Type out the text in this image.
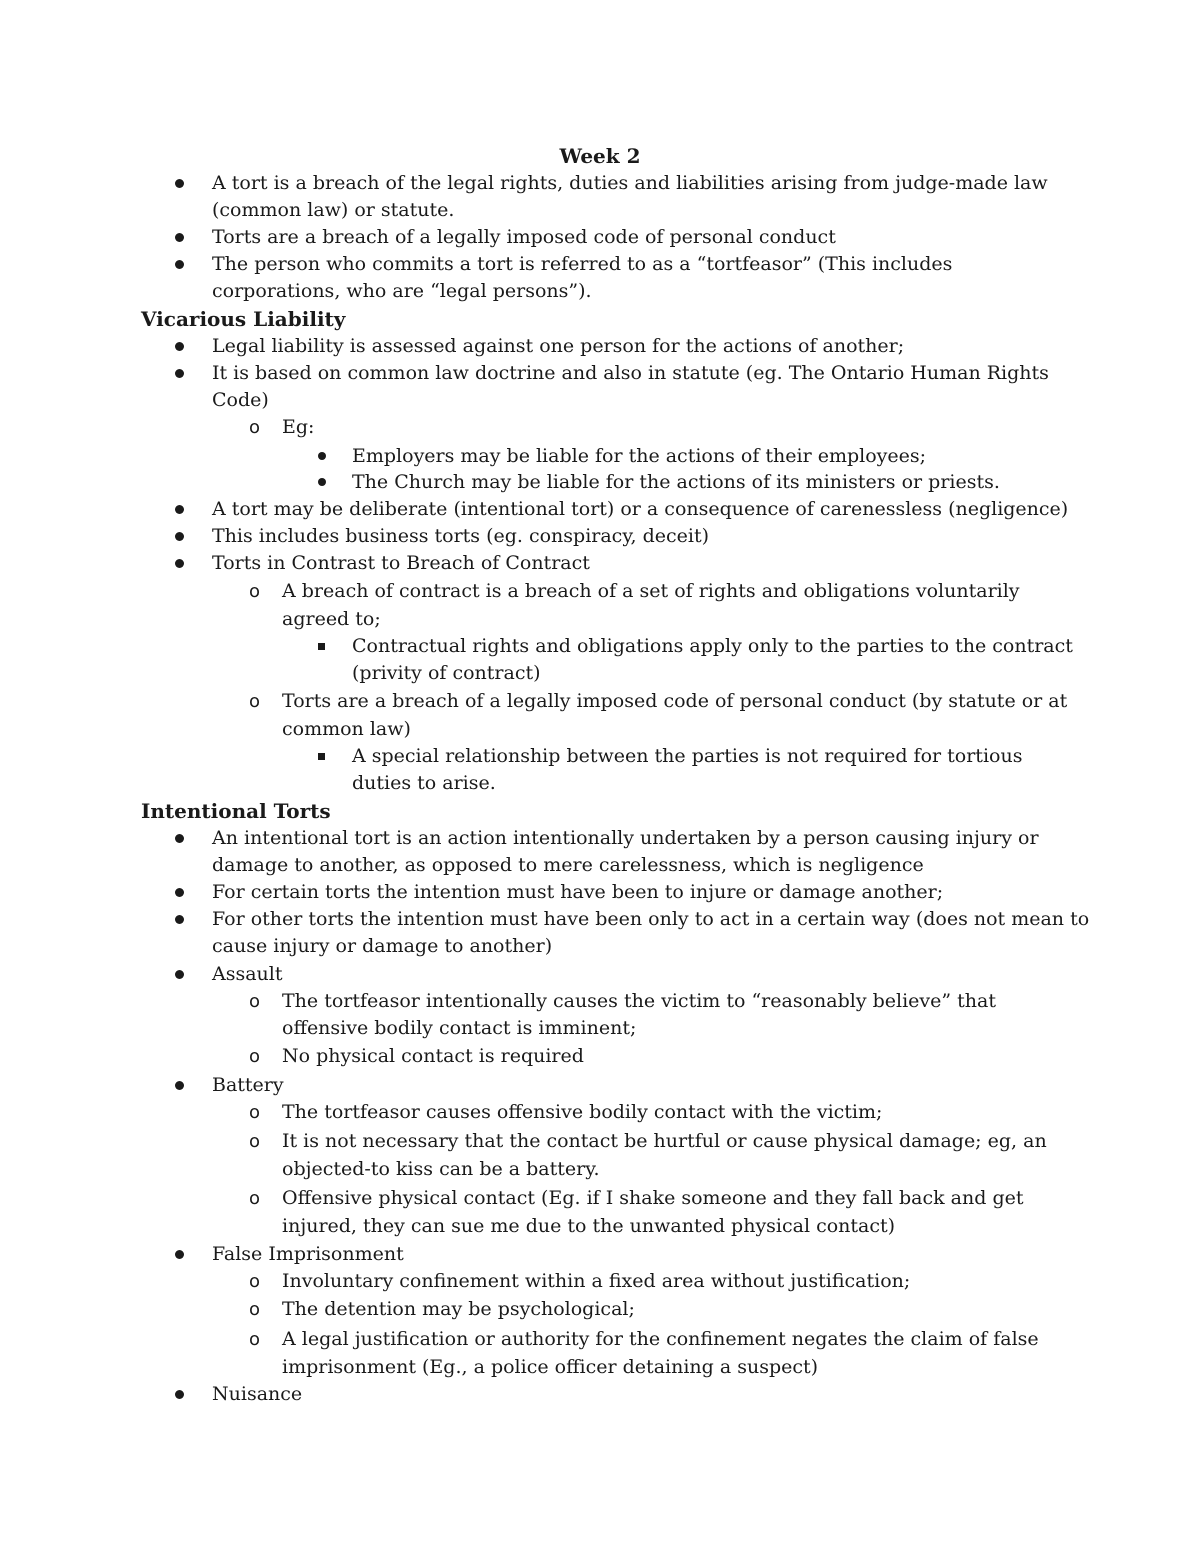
Week 2
A tort is a breach of the legal rights, duties and liabilities arising from judge-made law
(common law) or statute.
Torts are a breach of a legally imposed code of personal conduct
The person who commits a tort is referred to as a “tortfeasor” (This includes
corporations, who are “legal persons”).
Vicarious Liability
Legal liability is assessed against one person for the actions of another;
It is based on common law doctrine and also in statute (eg. The Ontario Human Rights
Code)
o Eg:
Employers may be liable for the actions of their employees;
The Church may be liable for the actions of its ministers or priests.
A tort may be deliberate (intentional tort) or a consequence of carenessless (negligence)
This includes business torts (eg. conspiracy, deceit)
Torts in Contrast to Breach of Contract
o A breach of contract is a breach of a set of rights and obligations voluntarily
agreed to;
Contractual rights and obligations apply only to the parties to the contract
(privity of contract)
o Torts are a breach of a legally imposed code of personal conduct (by statute or at
common law)
A special relationship between the parties is not required for tortious
duties to arise.
Intentional Torts
An intentional tort is an action intentionally undertaken by a person causing injury or
damage to another, as opposed to mere carelessness, which is negligence
For certain torts the intention must have been to injure or damage another;
For other torts the intention must have been only to act in a certain way (does not mean to
cause injury or damage to another)
Assault
o The tortfeasor intentionally causes the victim to “reasonably believe” that
offensive bodily contact is imminent;
o No physical contact is required
Battery
o The tortfeasor causes offensive bodily contact with the victim;
o It is not necessary that the contact be hurtful or cause physical damage; eg, an
objected-to kiss can be a battery.
o Offensive physical contact (Eg. if I shake someone and they fall back and get
injured, they can sue me due to the unwanted physical contact)
False Imprisonment
o Involuntary confinement within a fixed area without justification;
o The detention may be psychological;
o A legal justification or authority for the confinement negates the claim of false
imprisonment (Eg., a police officer detaining a suspect)
Nuisance
